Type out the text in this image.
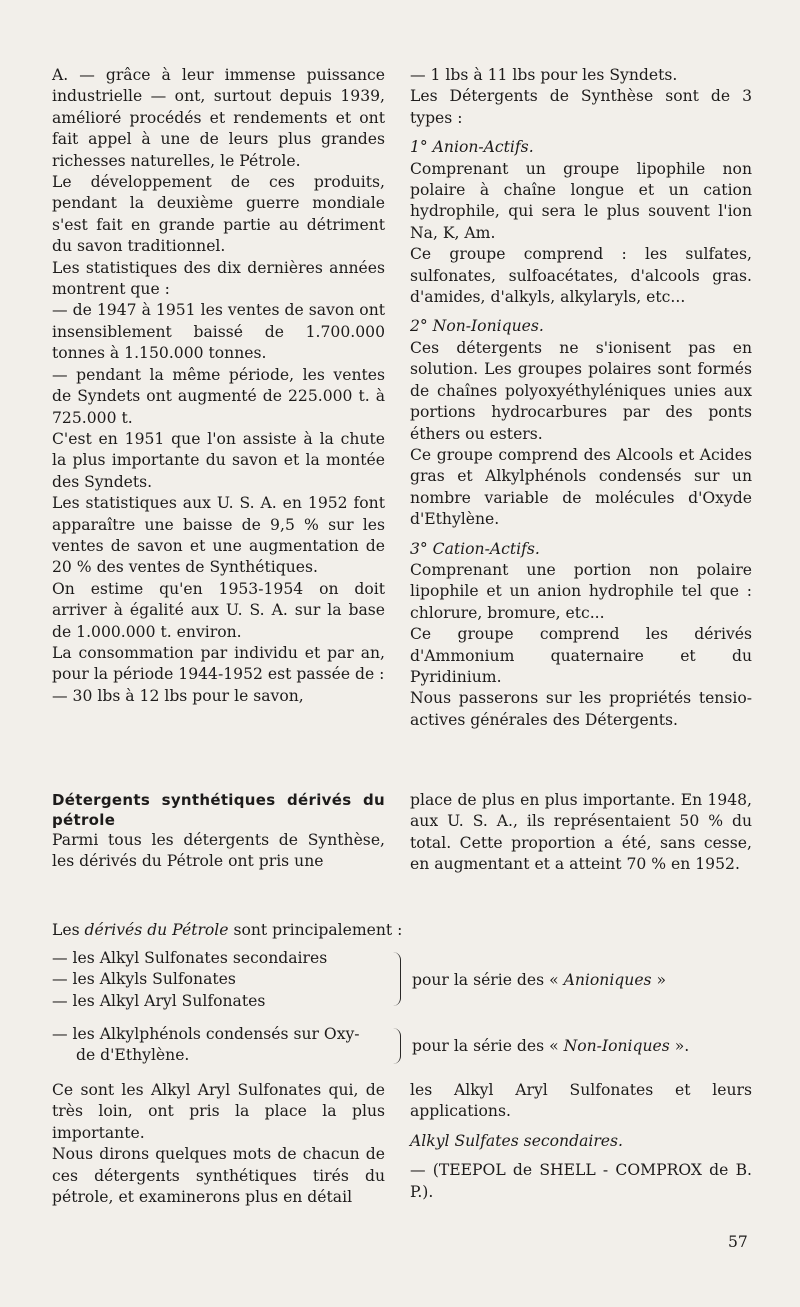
A. — grâce à leur immense puissance industrielle — ont, surtout depuis 1939, amélioré procédés et rendements et ont fait appel à une de leurs plus grandes richesses naturelles, le Pétrole.

Le développement de ces produits, pendant la deuxième guerre mondiale s'est fait en grande partie au détriment du savon traditionnel.

Les statistiques des dix dernières années montrent que :

— de 1947 à 1951 les ventes de savon ont insensiblement baissé de 1.700.000 tonnes à 1.150.000 tonnes.

— pendant la même période, les ventes de Syndets ont augmenté de 225.000 t. à 725.000 t.

C'est en 1951 que l'on assiste à la chute la plus importante du savon et la montée des Syndets.

Les statistiques aux U. S. A. en 1952 font apparaître une baisse de 9,5 % sur les ventes de savon et une augmentation de 20 % des ventes de Synthétiques.

On estime qu'en 1953-1954 on doit arriver à égalité aux U. S. A. sur la base de 1.000.000 t. environ.

La consommation par individu et par an, pour la période 1944-1952 est passée de :

— 30 lbs à 12 lbs pour le savon,

— 1 lbs à 11 lbs pour les Syndets.

Les Détergents de Synthèse sont de 3 types :

1° Anion-Actifs.

Comprenant un groupe lipophile non polaire à chaîne longue et un cation hydrophile, qui sera le plus souvent l'ion Na, K, Am.

Ce groupe comprend : les sulfates, sulfonates, sulfoacétates, d'alcools gras. d'amides, d'alkyls, alkylaryls, etc...

2° Non-Ioniques.

Ces détergents ne s'ionisent pas en solution. Les groupes polaires sont formés de chaînes polyoxyéthyléniques unies aux portions hydrocarbures par des ponts éthers ou esters.

Ce groupe comprend des Alcools et Acides gras et Alkylphénols condensés sur un nombre variable de molécules d'Oxyde d'Ethylène.

3° Cation-Actifs.

Comprenant une portion non polaire lipophile et un anion hydrophile tel que : chlorure, bromure, etc...

Ce groupe comprend les dérivés d'Ammonium quaternaire et du Pyridinium.

Nous passerons sur les propriétés tensio-actives générales des Détergents.

Détergents synthétiques dérivés du pétrole

Parmi tous les détergents de Synthèse, les dérivés du Pétrole ont pris une

place de plus en plus importante. En 1948, aux U. S. A., ils représentaient 50 % du total. Cette proportion a été, sans cesse, en augmentant et a atteint 70 % en 1952.

Les dérivés du Pétrole sont principalement :
— les Alkyl Sulfonates secondaires
— les Alkyls Sulfonates
— les Alkyl Aryl Sulfonates
pour la série des « Anioniques »
— les Alkylphénols condensés sur Oxy-
de d'Ethylène.
pour la série des « Non-Ioniques ».

Ce sont les Alkyl Aryl Sulfonates qui, de très loin, ont pris la place la plus importante.

Nous dirons quelques mots de chacun de ces détergents synthétiques tirés du pétrole, et examinerons plus en détail

les Alkyl Aryl Sulfonates et leurs applications.

Alkyl Sulfates secondaires.

— (TEEPOL de SHELL - COMPROX de B. P.).

57
